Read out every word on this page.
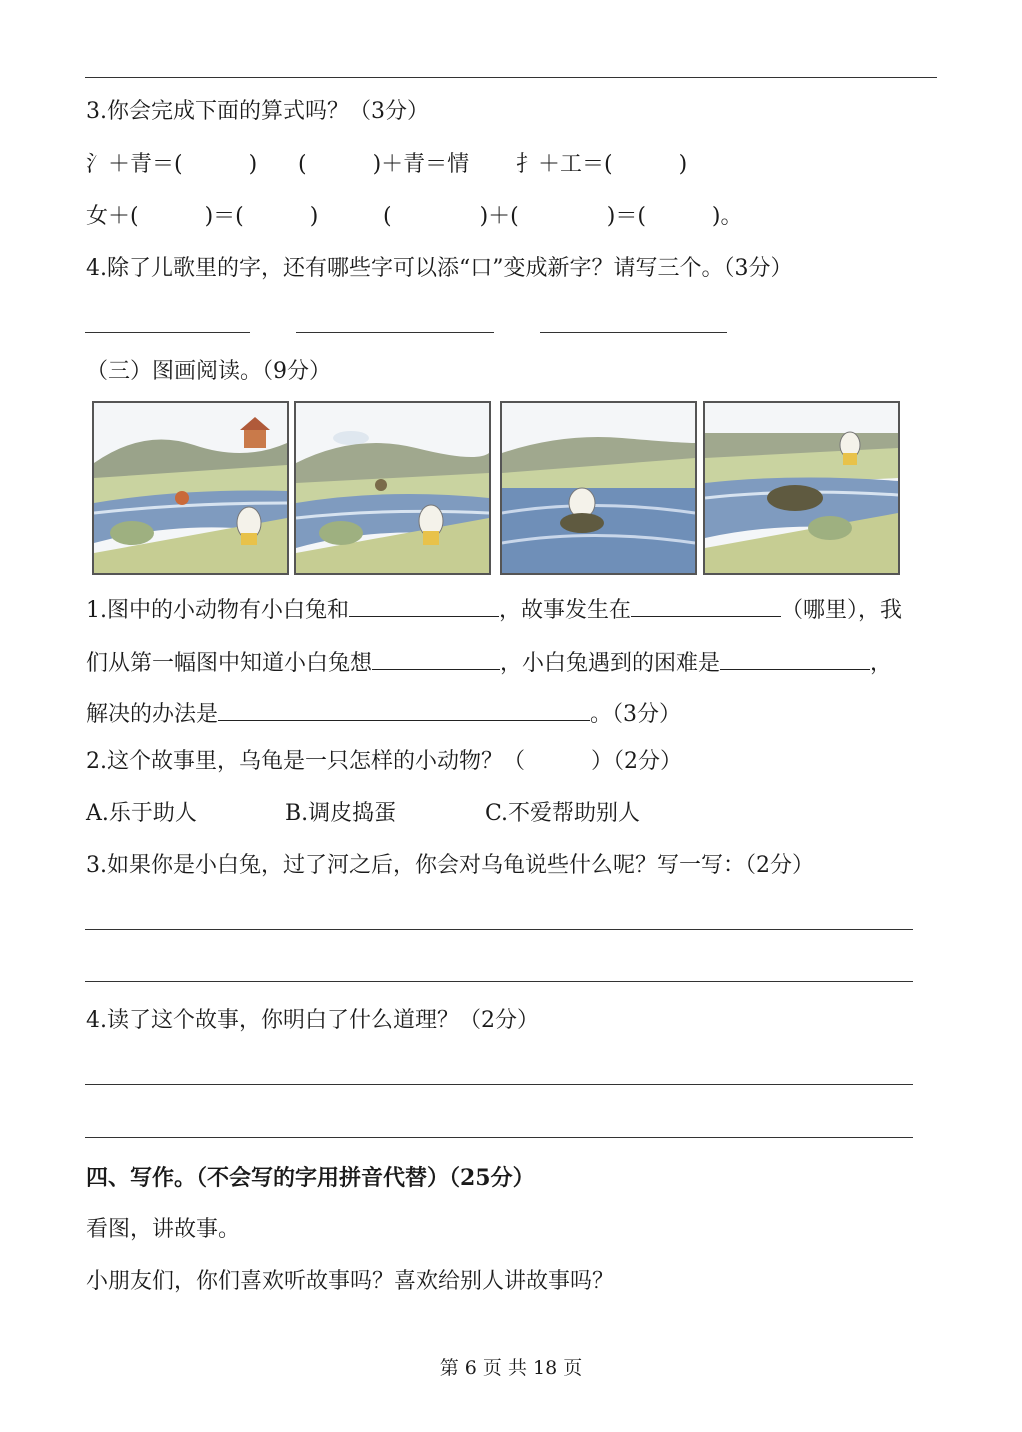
3.你会完成下面的算式吗？（3分）
氵＋青＝(　　　) (　　　)＋青＝情 扌＋工＝(　　　)
女＋(　　　)＝(　　　)	(　　　　)＋(　　　　)＝(　　　)。
4.除了儿歌里的字，还有哪些字可以添“口”变成新字？请写三个。（3分）
（三）图画阅读。（9分）
1.图中的小动物有小白兔和	，故事发生在	（哪里），我
们从第一幅图中知道小白兔想	，小白兔遇到的困难是	，
解决的办法是	。（3分）
2.这个故事里，乌龟是一只怎样的小动物？（　　　）（2分）
A.乐于助人	B.调皮捣蛋	C.不爱帮助别人
3.如果你是小白兔，过了河之后，你会对乌龟说些什么呢？写一写：（2分）
4.读了这个故事，你明白了什么道理？（2分）
四、写作。（不会写的字用拼音代替）（25分）
看图，讲故事。
小朋友们，你们喜欢听故事吗？喜欢给别人讲故事吗？
第 6 页 共 18 页
